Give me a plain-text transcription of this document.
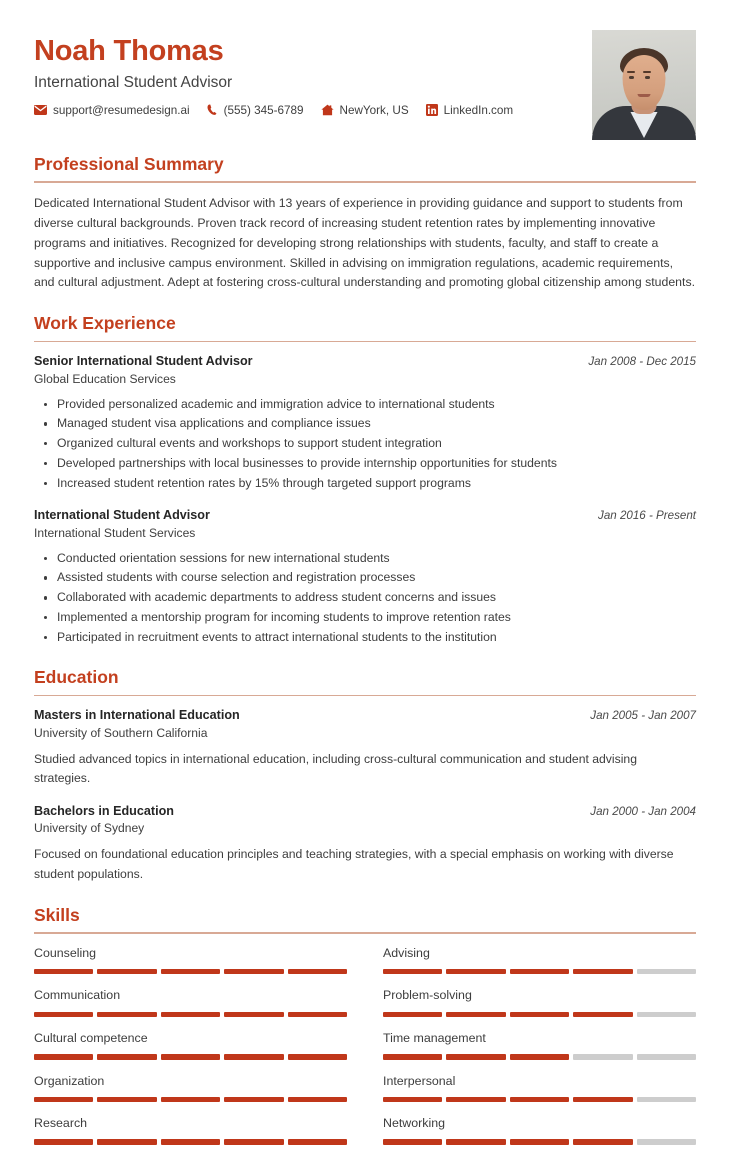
Noah Thomas
International Student Advisor
support@resumedesign.ai	(555) 345-6789	NewYork, US	LinkedIn.com
Professional Summary

Dedicated International Student Advisor with 13 years of experience in providing guidance and support to students from diverse cultural backgrounds. Proven track record of increasing student retention rates by implementing innovative programs and initiatives. Recognized for developing strong relationships with students, faculty, and staff to create a supportive and inclusive campus environment. Skilled in advising on immigration regulations, academic requirements, and cultural adjustment. Adept at fostering cross-cultural understanding and promoting global citizenship among students.

Work Experience
Senior International Student Advisor	Jan 2008 - Dec 2015
Global Education Services
Provided personalized academic and immigration advice to international students
Managed student visa applications and compliance issues
Organized cultural events and workshops to support student integration
Developed partnerships with local businesses to provide internship opportunities for students
Increased student retention rates by 15% through targeted support programs
International Student Advisor	Jan 2016 - Present
International Student Services
Conducted orientation sessions for new international students
Assisted students with course selection and registration processes
Collaborated with academic departments to address student concerns and issues
Implemented a mentorship program for incoming students to improve retention rates
Participated in recruitment events to attract international students to the institution
Education
Masters in International Education	Jan 2005 - Jan 2007
University of Southern California

Studied advanced topics in international education, including cross-cultural communication and student advising strategies.

Bachelors in Education	Jan 2000 - Jan 2004
University of Sydney

Focused on foundational education principles and teaching strategies, with a special emphasis on working with diverse student populations.

Skills
Counseling	Advising
Communication	Problem-solving
Cultural competence	Time management
Organization	Interpersonal
Research	Networking
